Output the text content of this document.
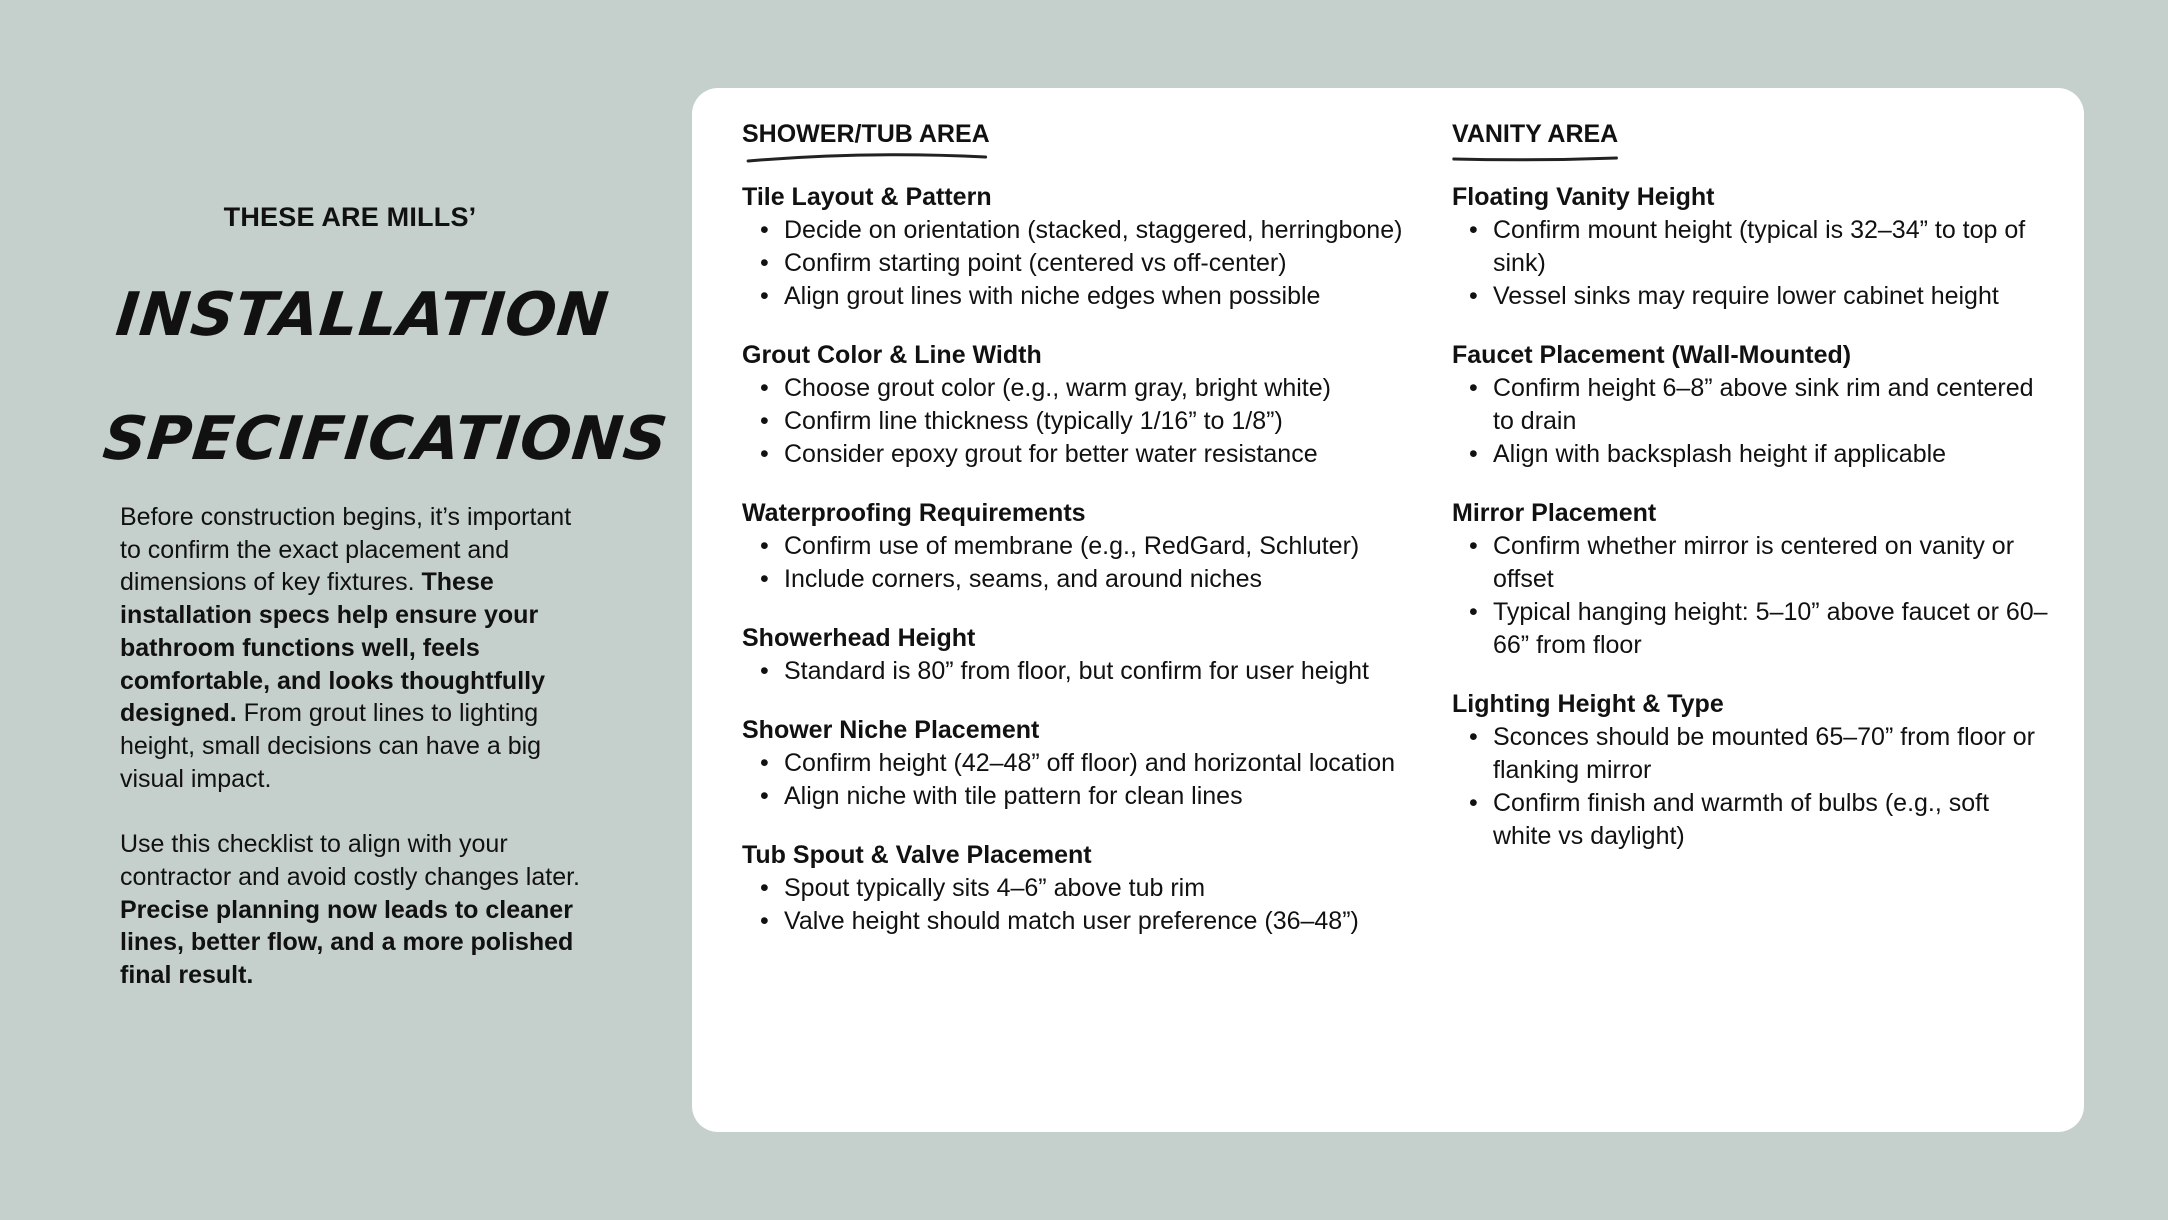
THESE ARE MILLS’
INSTALLATION
SPECIFICATIONS

Before construction begins, it’s important to confirm the exact placement and dimensions of key fixtures. These installation specs help ensure your bathroom functions well, feels comfortable, and looks thoughtfully designed. From grout lines to lighting height, small decisions can have a big visual impact.

Use this checklist to align with your contractor and avoid costly changes later. Precise planning now leads to cleaner lines, better flow, and a more polished final result.

SHOWER/TUB AREA
Tile Layout & Pattern
• Decide on orientation (stacked, staggered, herringbone)
• Confirm starting point (centered vs off-center)
• Align grout lines with niche edges when possible
Grout Color & Line Width
• Choose grout color (e.g., warm gray, bright white)
• Confirm line thickness (typically 1/16” to 1/8”)
• Consider epoxy grout for better water resistance
Waterproofing Requirements
• Confirm use of membrane (e.g., RedGard, Schluter)
• Include corners, seams, and around niches
Showerhead Height
• Standard is 80” from floor, but confirm for user height
Shower Niche Placement
• Confirm height (42–48” off floor) and horizontal location
• Align niche with tile pattern for clean lines
Tub Spout & Valve Placement
• Spout typically sits 4–6” above tub rim
• Valve height should match user preference (36–48”)
VANITY AREA
Floating Vanity Height
• Confirm mount height (typical is 32–34” to top of sink)
• Vessel sinks may require lower cabinet height
Faucet Placement (Wall-Mounted)
• Confirm height 6–8” above sink rim and centered to drain
• Align with backsplash height if applicable
Mirror Placement
• Confirm whether mirror is centered on vanity or offset
• Typical hanging height: 5–10” above faucet or 60–66” from floor
Lighting Height & Type
• Sconces should be mounted 65–70” from floor or flanking mirror
• Confirm finish and warmth of bulbs (e.g., soft white vs daylight)
